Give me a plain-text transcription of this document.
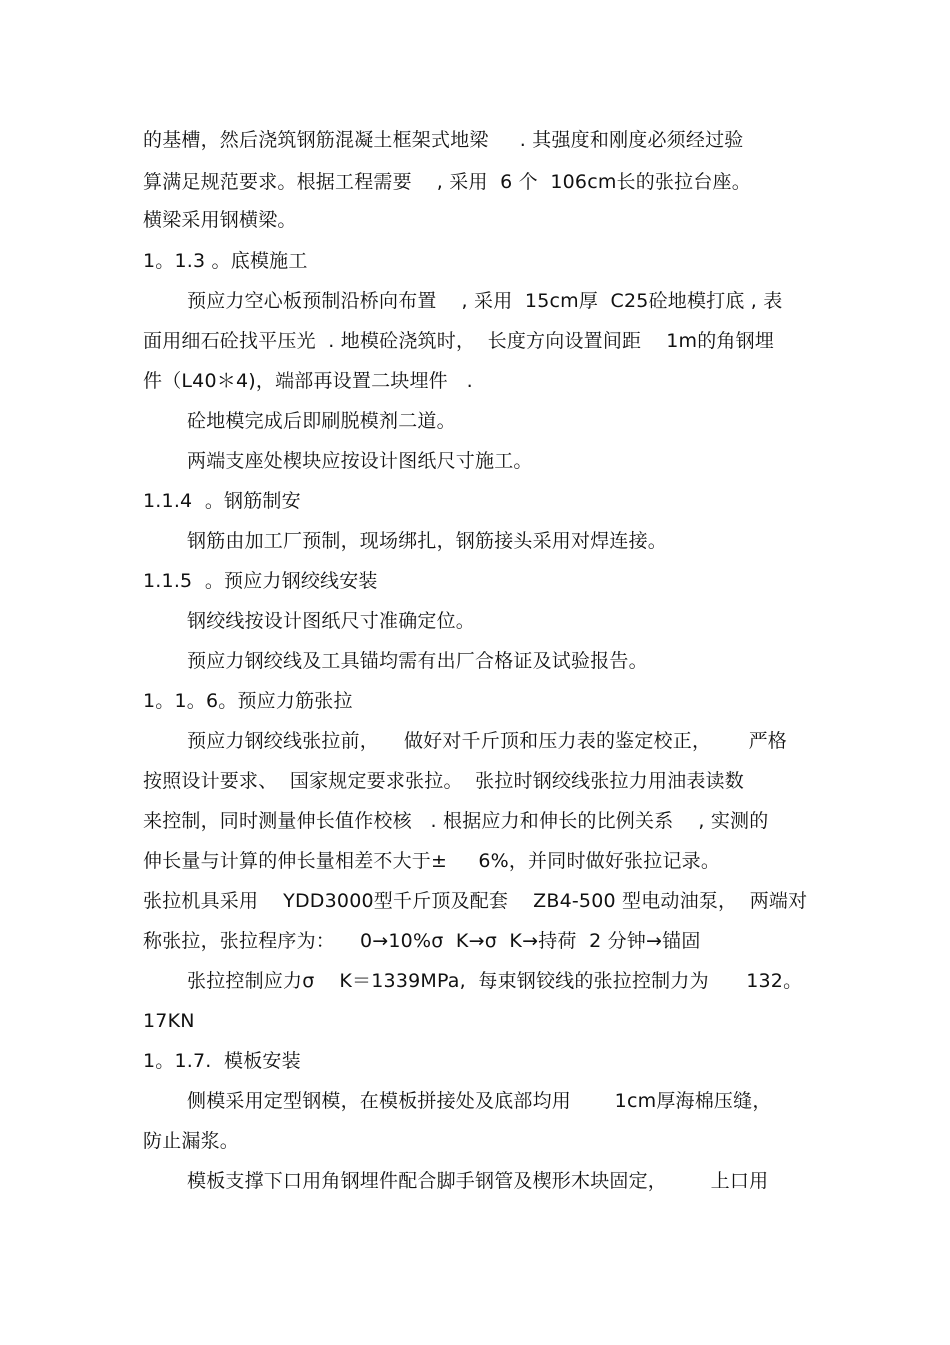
的基槽，然后浇筑钢筋混凝土框架式地梁     . 其强度和刚度必须经过验
算满足规范要求。根据工程需要    , 采用  6 个  106cm长的张拉台座。
横梁采用钢横梁。
1。1.3 。底模施工
预应力空心板预制沿桥向布置    , 采用  15cm厚  C25砼地模打底 , 表
面用细石砼找平压光  . 地模砼浇筑时，  长度方向设置间距    1m的角钢埋
件（L40＊4)，端部再设置二块埋件   .
砼地模完成后即刷脱模剂二道。
两端支座处楔块应按设计图纸尺寸施工。
1.1.4  。钢筋制安
钢筋由加工厂预制，现场绑扎，钢筋接头采用对焊连接。
1.1.5  。预应力钢绞线安装
钢绞线按设计图纸尺寸准确定位。
预应力钢绞线及工具锚均需有出厂合格证及试验报告。
1。1。6。预应力筋张拉
预应力钢绞线张拉前，    做好对千斤顶和压力表的鉴定校正，      严格
按照设计要求、  国家规定要求张拉。  张拉时钢绞线张拉力用油表读数
来控制，同时测量伸长值作校核   . 根据应力和伸长的比例关系    , 实测的
伸长量与计算的伸长量相差不大于±     6%，并同时做好张拉记录。
张拉机具采用    YDD3000型千斤顶及配套    ZB4-500 型电动油泵，  两端对
称张拉，张拉程序为：    0→10%σ  K→σ  K→持荷  2 分钟→锚固
张拉控制应力σ    K＝1339MPa,  每束钢铰线的张拉控制力为      132。
17KN
1。1.7.  模板安装
侧模采用定型钢模，在模板拼接处及底部均用       1cm厚海棉压缝，
防止漏浆。
模板支撑下口用角钢埋件配合脚手钢管及楔形木块固定，       上口用
